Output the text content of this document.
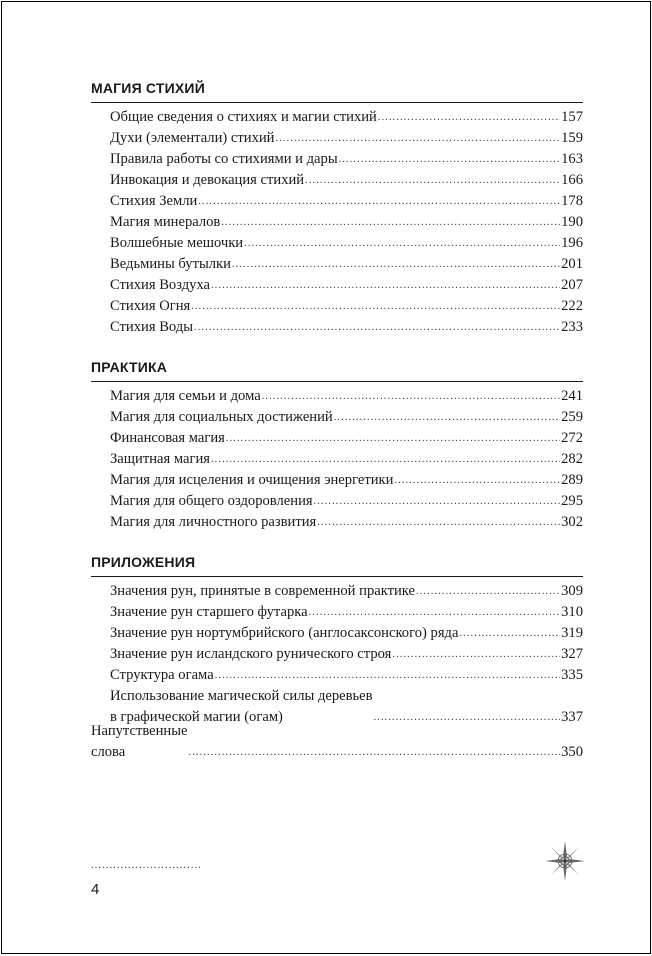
МАГИЯ СТИХИЙ
Общие сведения о стихиях и магии стихий .....	157
Духи (элементали) стихий .....	159
Правила работы со стихиями и дары .....	163
Инвокация и девокация стихий .....	166
Стихия Земли .....	178
Магия минералов .....	190
Волшебные мешочки .....	196
Ведьмины бутылки .....	201
Стихия Воздуха .....	207
Стихия Огня .....	222
Стихия Воды .....	233
ПРАКТИКА
Магия для семьи и дома .....	241
Магия для социальных достижений .....	259
Финансовая магия .....	272
Защитная магия .....	282
Магия для исцеления и очищения энергетики .....	289
Магия для общего оздоровления .....	295
Магия для личностного развития .....	302
ПРИЛОЖЕНИЯ
Значения рун, принятые в современной практике .....	309
Значение рун старшего футарка .....	310
Значение рун нортумбрийского (англосаксонского) ряда .....	319
Значение рун исландского рунического строя .....	327
Структура огама .....	335
Использование магической силы деревьев
в графической магии (огам) .....	337
Напутственные слова .....	350
..............................
4
